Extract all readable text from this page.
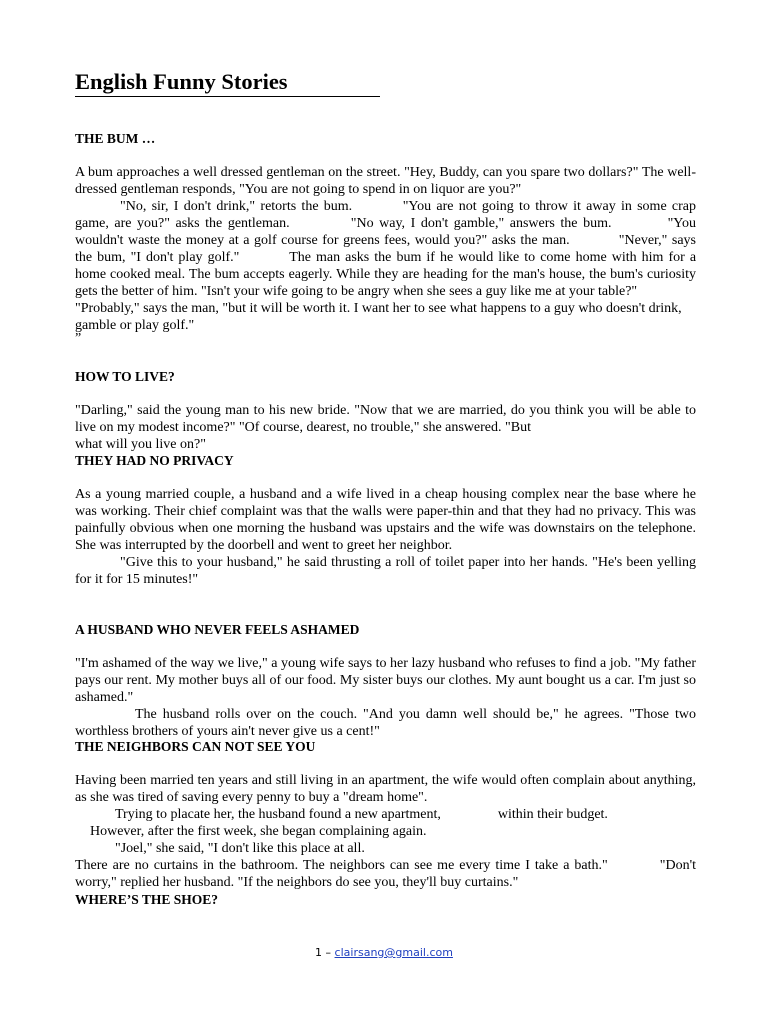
English Funny Stories
THE BUM …

A bum approaches a well dressed gentleman on the street. "Hey, Buddy, can you spare two dollars?" The well-dressed gentleman responds, "You are not going to spend in on liquor are you?"

"No, sir, I don't drink," retorts the bum.	"You are not going to throw it away in some crap game, are you?" asks the gentleman.	"No way, I don't gamble," answers the bum.	"You wouldn't waste the money at a golf course for greens fees, would you?" asks the man.	"Never," says the bum, "I don't play golf."	The man asks the bum if he would like to come home with him for a home cooked meal. The bum accepts eagerly. While they are heading for the man's house, the bum's curiosity gets the better of him. "Isn't your wife going to be angry when she sees a guy like me at your table?"

"Probably," says the man, "but it will be worth it. I want her to see what happens to a guy who doesn't drink, gamble or play golf."

”

HOW TO LIVE?

"Darling," said the young man to his new bride. "Now that we are married, do you think you will be able to live on my modest income?" "Of course, dearest, no trouble," she answered. "But

what will you live on?"

THEY HAD NO PRIVACY

As a young married couple, a husband and a wife lived in a cheap housing complex near the base where he was working. Their chief complaint was that the walls were paper-thin and that they had no privacy. This was painfully obvious when one morning the husband was upstairs and the wife was downstairs on the telephone. She was interrupted by the doorbell and went to greet her neighbor.

"Give this to your husband," he said thrusting a roll of toilet paper into her hands. "He's been yelling for it for 15 minutes!"

A HUSBAND WHO NEVER FEELS ASHAMED

"I'm ashamed of the way we live," a young wife says to her lazy husband who refuses to find a job. "My father pays our rent. My mother buys all of our food. My sister buys our clothes. My aunt bought us a car. I'm just so ashamed."

The husband rolls over on the couch. "And you damn well should be," he agrees. "Those two worthless brothers of yours ain't never give us a cent!"

THE NEIGHBORS CAN NOT SEE YOU

Having been married ten years and still living in an apartment, the wife would often complain about anything, as she was tired of saving every penny to buy a "dream home".

Trying to placate her, the husband found a new apartment,	within their budget.

However, after the first week, she began complaining again.

"Joel," she said, "I don't like this place at all.

There are no curtains in the bathroom. The neighbors can see me every time I take a bath."	"Don't worry," replied her husband. "If the neighbors do see you, they'll buy curtains."

WHERE’S THE SHOE?
1 – clairsang@gmail.com
